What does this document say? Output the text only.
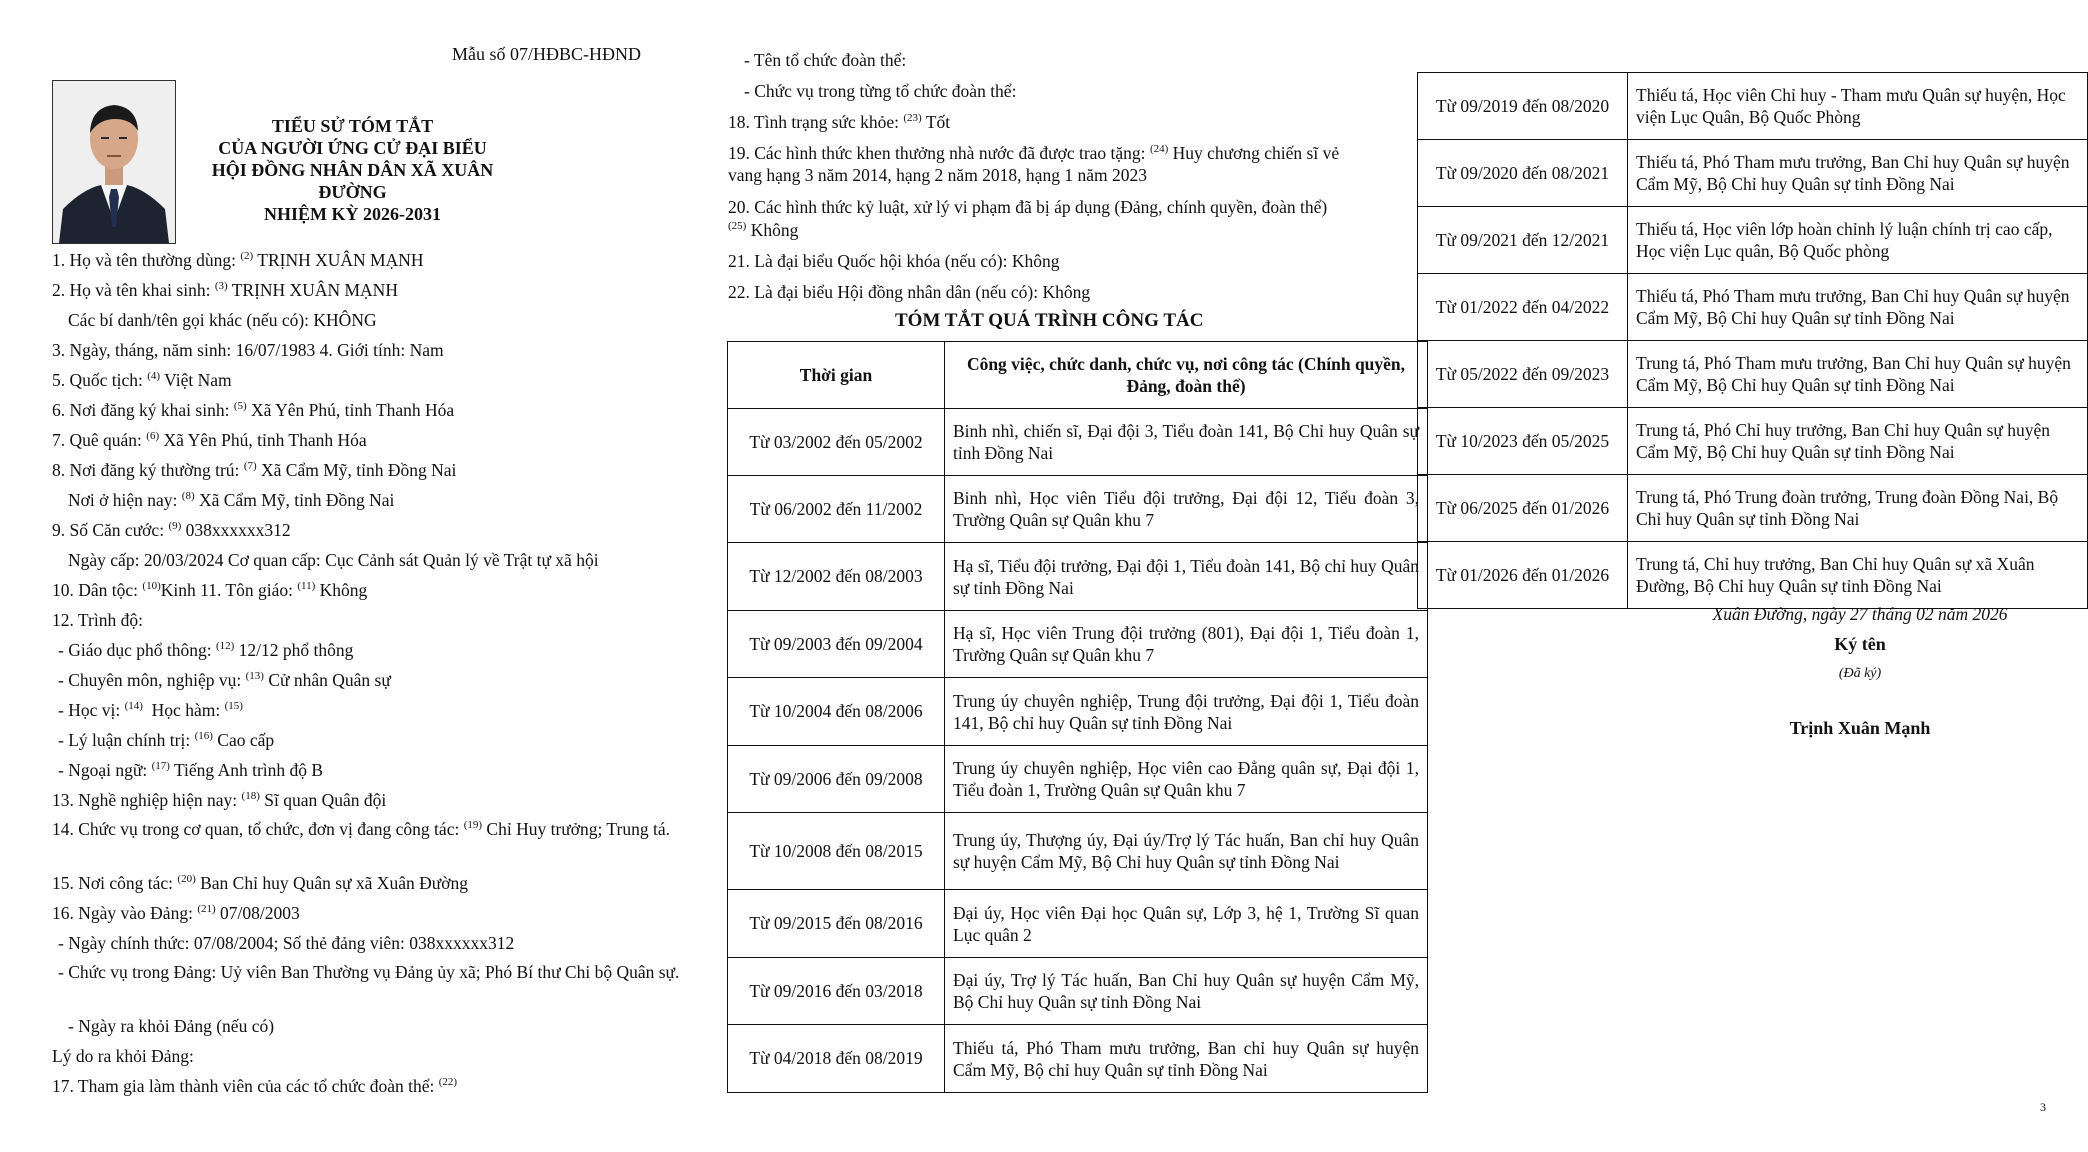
Mẫu số 07/HĐBC-HĐND
TIỂU SỬ TÓM TẮT
CỦA NGƯỜI ỨNG CỬ ĐẠI BIỂU
HỘI ĐỒNG NHÂN DÂN XÃ XUÂN ĐƯỜNG
NHIỆM KỲ 2026-2031
1. Họ và tên thường dùng: $^{(2)}$ TRỊNH XUÂN MẠNH
2. Họ và tên khai sinh: $^{(3)}$ TRỊNH XUÂN MẠNH
Các bí danh/tên gọi khác (nếu có): KHÔNG
3. Ngày, tháng, năm sinh: 16/07/1983 4. Giới tính: Nam
5. Quốc tịch: $^{(4)}$ Việt Nam
6. Nơi đăng ký khai sinh: $^{(5)}$ Xã Yên Phú, tỉnh Thanh Hóa
7. Quê quán: $^{(6)}$ Xã Yên Phú, tỉnh Thanh Hóa
8. Nơi đăng ký thường trú: $^{(7)}$ Xã Cẩm Mỹ, tỉnh Đồng Nai
Nơi ở hiện nay: $^{(8)}$ Xã Cẩm Mỹ, tỉnh Đồng Nai
9. Số Căn cước: $^{(9)}$ 038xxxxxx312
Ngày cấp: 20/03/2024 Cơ quan cấp: Cục Cảnh sát Quản lý về Trật tự xã hội
10. Dân tộc: $^{(10)}$Kinh 11. Tôn giáo: $^{(11)}$ Không
12. Trình độ:
- Giáo dục phổ thông: $^{(12)}$ 12/12 phổ thông
- Chuyên môn, nghiệp vụ: $^{(13)}$ Cử nhân Quân sự
- Học vị: $^{(14)}$ Học hàm: $^{(15)}$
- Lý luận chính trị: $^{(16)}$ Cao cấp
- Ngoại ngữ: $^{(17)}$ Tiếng Anh trình độ B
13. Nghề nghiệp hiện nay: $^{(18)}$ Sĩ quan Quân đội
14. Chức vụ trong cơ quan, tổ chức, đơn vị đang công tác: $^{(19)}$ Chỉ Huy trưởng; Trung tá.
15. Nơi công tác: $^{(20)}$ Ban Chỉ huy Quân sự xã Xuân Đường
16. Ngày vào Đảng: $^{(21)}$ 07/08/2003
- Ngày chính thức: 07/08/2004; Số thẻ đảng viên: 038xxxxxx312
- Chức vụ trong Đảng: Uỷ viên Ban Thường vụ Đảng ủy xã; Phó Bí thư Chi bộ Quân sự.
- Ngày ra khỏi Đảng (nếu có)
Lý do ra khỏi Đảng:
17. Tham gia làm thành viên của các tổ chức đoàn thể: $^{(22)}$
- Tên tổ chức đoàn thể:
- Chức vụ trong từng tổ chức đoàn thể:
18. Tình trạng sức khỏe: $^{(23)}$ Tốt
19. Các hình thức khen thưởng nhà nước đã được trao tặng: $^{(24)}$ Huy chương chiến sĩ vẻ vang hạng 3 năm 2014, hạng 2 năm 2018, hạng 1 năm 2023
20. Các hình thức kỷ luật, xử lý vi phạm đã bị áp dụng (Đảng, chính quyền, đoàn thể)
$^{(25)}$ Không
21. Là đại biểu Quốc hội khóa (nếu có): Không
22. Là đại biểu Hội đồng nhân dân (nếu có): Không
TÓM TẮT QUÁ TRÌNH CÔNG TÁC
Thời gian	Công việc, chức danh, chức vụ, nơi công tác (Chính quyền, Đảng, đoàn thể)
Từ 03/2002 đến 05/2002	Binh nhì, chiến sĩ, Đại đội 3, Tiểu đoàn 141, Bộ Chỉ huy Quân sự tỉnh Đồng Nai
Từ 06/2002 đến 11/2002	Binh nhì, Học viên Tiểu đội trưởng, Đại đội 12, Tiểu đoàn 3, Trường Quân sự Quân khu 7
Từ 12/2002 đến 08/2003	Hạ sĩ, Tiểu đội trưởng, Đại đội 1, Tiểu đoàn 141, Bộ chỉ huy Quân sự tỉnh Đồng Nai
Từ 09/2003 đến 09/2004	Hạ sĩ, Học viên Trung đội trưởng (801), Đại đội 1, Tiểu đoàn 1, Trường Quân sự Quân khu 7
Từ 10/2004 đến 08/2006	Trung úy chuyên nghiệp, Trung đội trưởng, Đại đội 1, Tiểu đoàn 141, Bộ chỉ huy Quân sự tỉnh Đồng Nai
Từ 09/2006 đến 09/2008	Trung úy chuyên nghiệp, Học viên cao Đẳng quân sự, Đại đội 1, Tiểu đoàn 1, Trường Quân sự Quân khu 7
Từ 10/2008 đến 08/2015	Trung úy, Thượng úy, Đại úy/Trợ lý Tác huấn, Ban chỉ huy Quân sự huyện Cẩm Mỹ, Bộ Chỉ huy Quân sự tỉnh Đồng Nai
Từ 09/2015 đến 08/2016	Đại úy, Học viên Đại học Quân sự, Lớp 3, hệ 1, Trường Sĩ quan Lục quân 2
Từ 09/2016 đến 03/2018	Đại úy, Trợ lý Tác huấn, Ban Chỉ huy Quân sự huyện Cẩm Mỹ, Bộ Chỉ huy Quân sự tỉnh Đồng Nai
Từ 04/2018 đến 08/2019	Thiếu tá, Phó Tham mưu trưởng, Ban chỉ huy Quân sự huyện Cẩm Mỹ, Bộ chỉ huy Quân sự tỉnh Đồng Nai
Từ 09/2019 đến 08/2020	Thiếu tá, Học viên Chỉ huy - Tham mưu Quân sự huyện, Học viện Lục Quân, Bộ Quốc Phòng
Từ 09/2020 đến 08/2021	Thiếu tá, Phó Tham mưu trưởng, Ban Chỉ huy Quân sự huyện Cẩm Mỹ, Bộ Chỉ huy Quân sự tỉnh Đồng Nai
Từ 09/2021 đến 12/2021	Thiếu tá, Học viên lớp hoàn chỉnh lý luận chính trị cao cấp, Học viện Lục quân, Bộ Quốc phòng
Từ 01/2022 đến 04/2022	Thiếu tá, Phó Tham mưu trưởng, Ban Chỉ huy Quân sự huyện Cẩm Mỹ, Bộ Chỉ huy Quân sự tỉnh Đồng Nai
Từ 05/2022 đến 09/2023	Trung tá, Phó Tham mưu trưởng, Ban Chỉ huy Quân sự huyện Cẩm Mỹ, Bộ Chỉ huy Quân sự tỉnh Đồng Nai
Từ 10/2023 đến 05/2025	Trung tá, Phó Chỉ huy trưởng, Ban Chỉ huy Quân sự huyện Cẩm Mỹ, Bộ Chỉ huy Quân sự tỉnh Đồng Nai
Từ 06/2025 đến 01/2026	Trung tá, Phó Trung đoàn trưởng, Trung đoàn Đồng Nai, Bộ Chỉ huy Quân sự tỉnh Đồng Nai
Từ 01/2026 đến 01/2026	Trung tá, Chỉ huy trưởng, Ban Chỉ huy Quân sự xã Xuân Đường, Bộ Chỉ huy Quân sự tỉnh Đồng Nai
Xuân Đường, ngày 27 tháng 02 năm 2026
Ký tên
(Đã ký)
Trịnh Xuân Mạnh
3
